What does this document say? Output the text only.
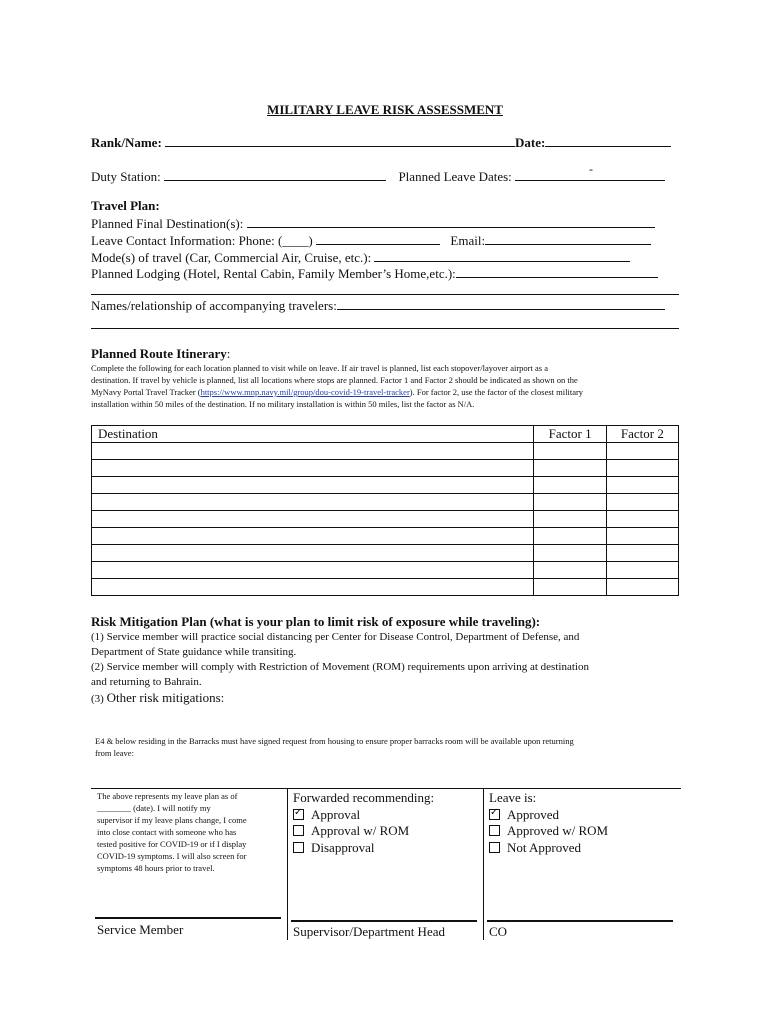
MILITARY LEAVE RISK ASSESSMENT
Rank/Name:	Date:
Duty Station:	Planned Leave Dates:	-
Travel Plan:
Planned Final Destination(s):
Leave Contact Information: Phone: (____)	Email:
Mode(s) of travel (Car, Commercial Air, Cruise, etc.):
Planned Lodging (Hotel, Rental Cabin, Family Member’s Home,etc.):
Names/relationship of accompanying travelers:
Planned Route Itinerary:
Complete the following for each location planned to visit while on leave. If air travel is planned, list each stopover/layover airport as a
destination. If travel by vehicle is planned, list all locations where stops are planned. Factor 1 and Factor 2 should be indicated as shown on the
MyNavy Portal Travel Tracker (https://www.mnp.navy.mil/group/dou-covid-19-travel-tracker). For factor 2, use the factor of the closest military
installation within 50 miles of the destination. If no military installation is within 50 miles, list the factor as N/A.
Destination	Factor 1	Factor 2

Risk Mitigation Plan (what is your plan to limit risk of exposure while traveling):
(1) Service member will practice social distancing per Center for Disease Control, Department of Defense, and
Department of State guidance while transiting.
(2) Service member will comply with Restriction of Movement (ROM) requirements upon arriving at destination
and returning to Bahrain.
(3) Other risk mitigations:
E4 & below residing in the Barracks must have signed request from housing to ensure proper barracks room will be available upon returning
from leave:
The above represents my leave plan as of
________ (date). I will notify my
supervisor if my leave plans change, I come
into close contact with someone who has
tested positive for COVID-19 or if I display
COVID-19 symptoms. I will also screen for
symptoms 48 hours prior to travel.
Forwarded recommending:
✓Approval
Approval w/ ROM
Disapproval
Leave is:
✓Approved
Approved w/ ROM
Not Approved
Service Member	Supervisor/Department Head	CO
